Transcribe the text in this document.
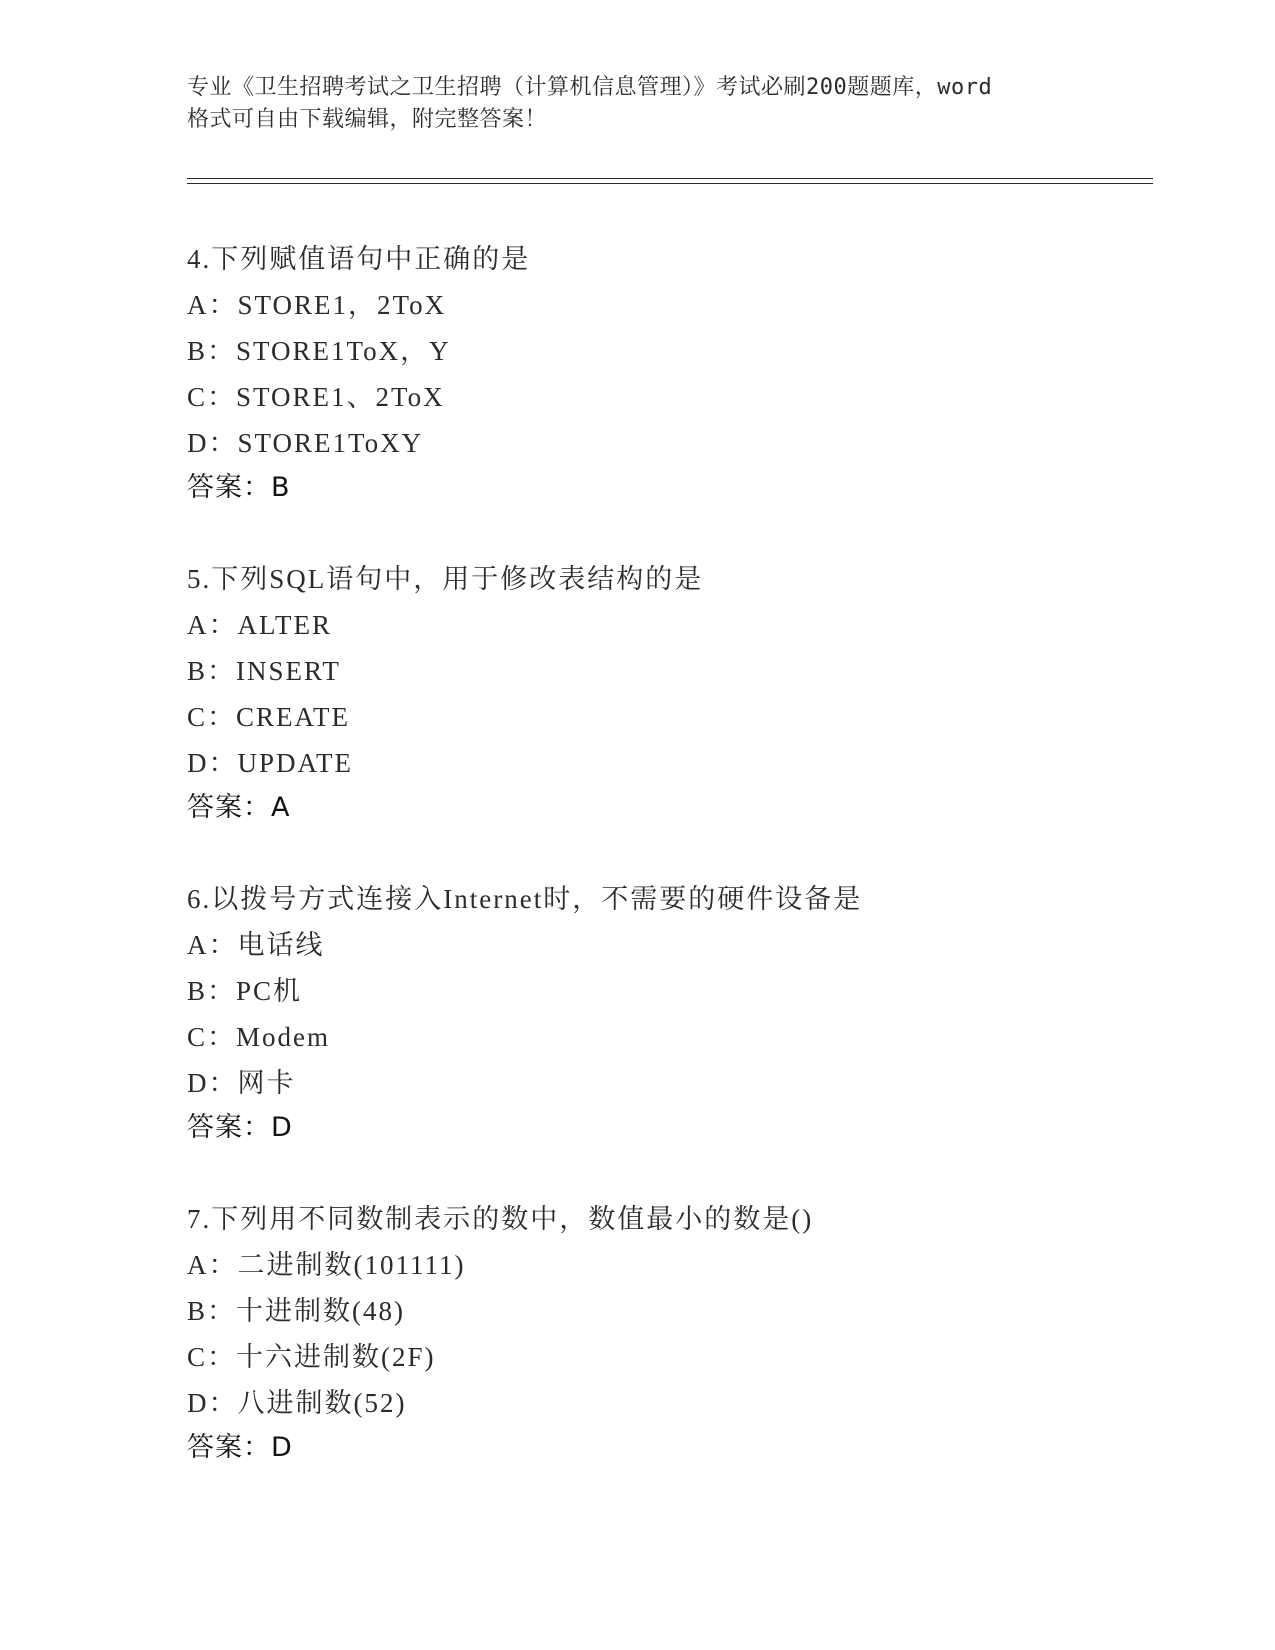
专业《卫生招聘考试之卫生招聘（计算机信息管理）》考试必刷200题题库，word
格式可自由下载编辑，附完整答案！
4.下列赋值语句中正确的是
A：STORE1，2ToX
B：STORE1ToX，Y
C：STORE1、2ToX
D：STORE1ToXY
答案：B
5.下列SQL语句中，用于修改表结构的是
A：ALTER
B：INSERT
C：CREATE
D：UPDATE
答案：A
6.以拨号方式连接入Internet时，不需要的硬件设备是
A：电话线
B：PC机
C：Modem
D：网卡
答案：D
7.下列用不同数制表示的数中，数值最小的数是()
A：二进制数(101111)
B：十进制数(48)
C：十六进制数(2F)
D：八进制数(52)
答案：D
